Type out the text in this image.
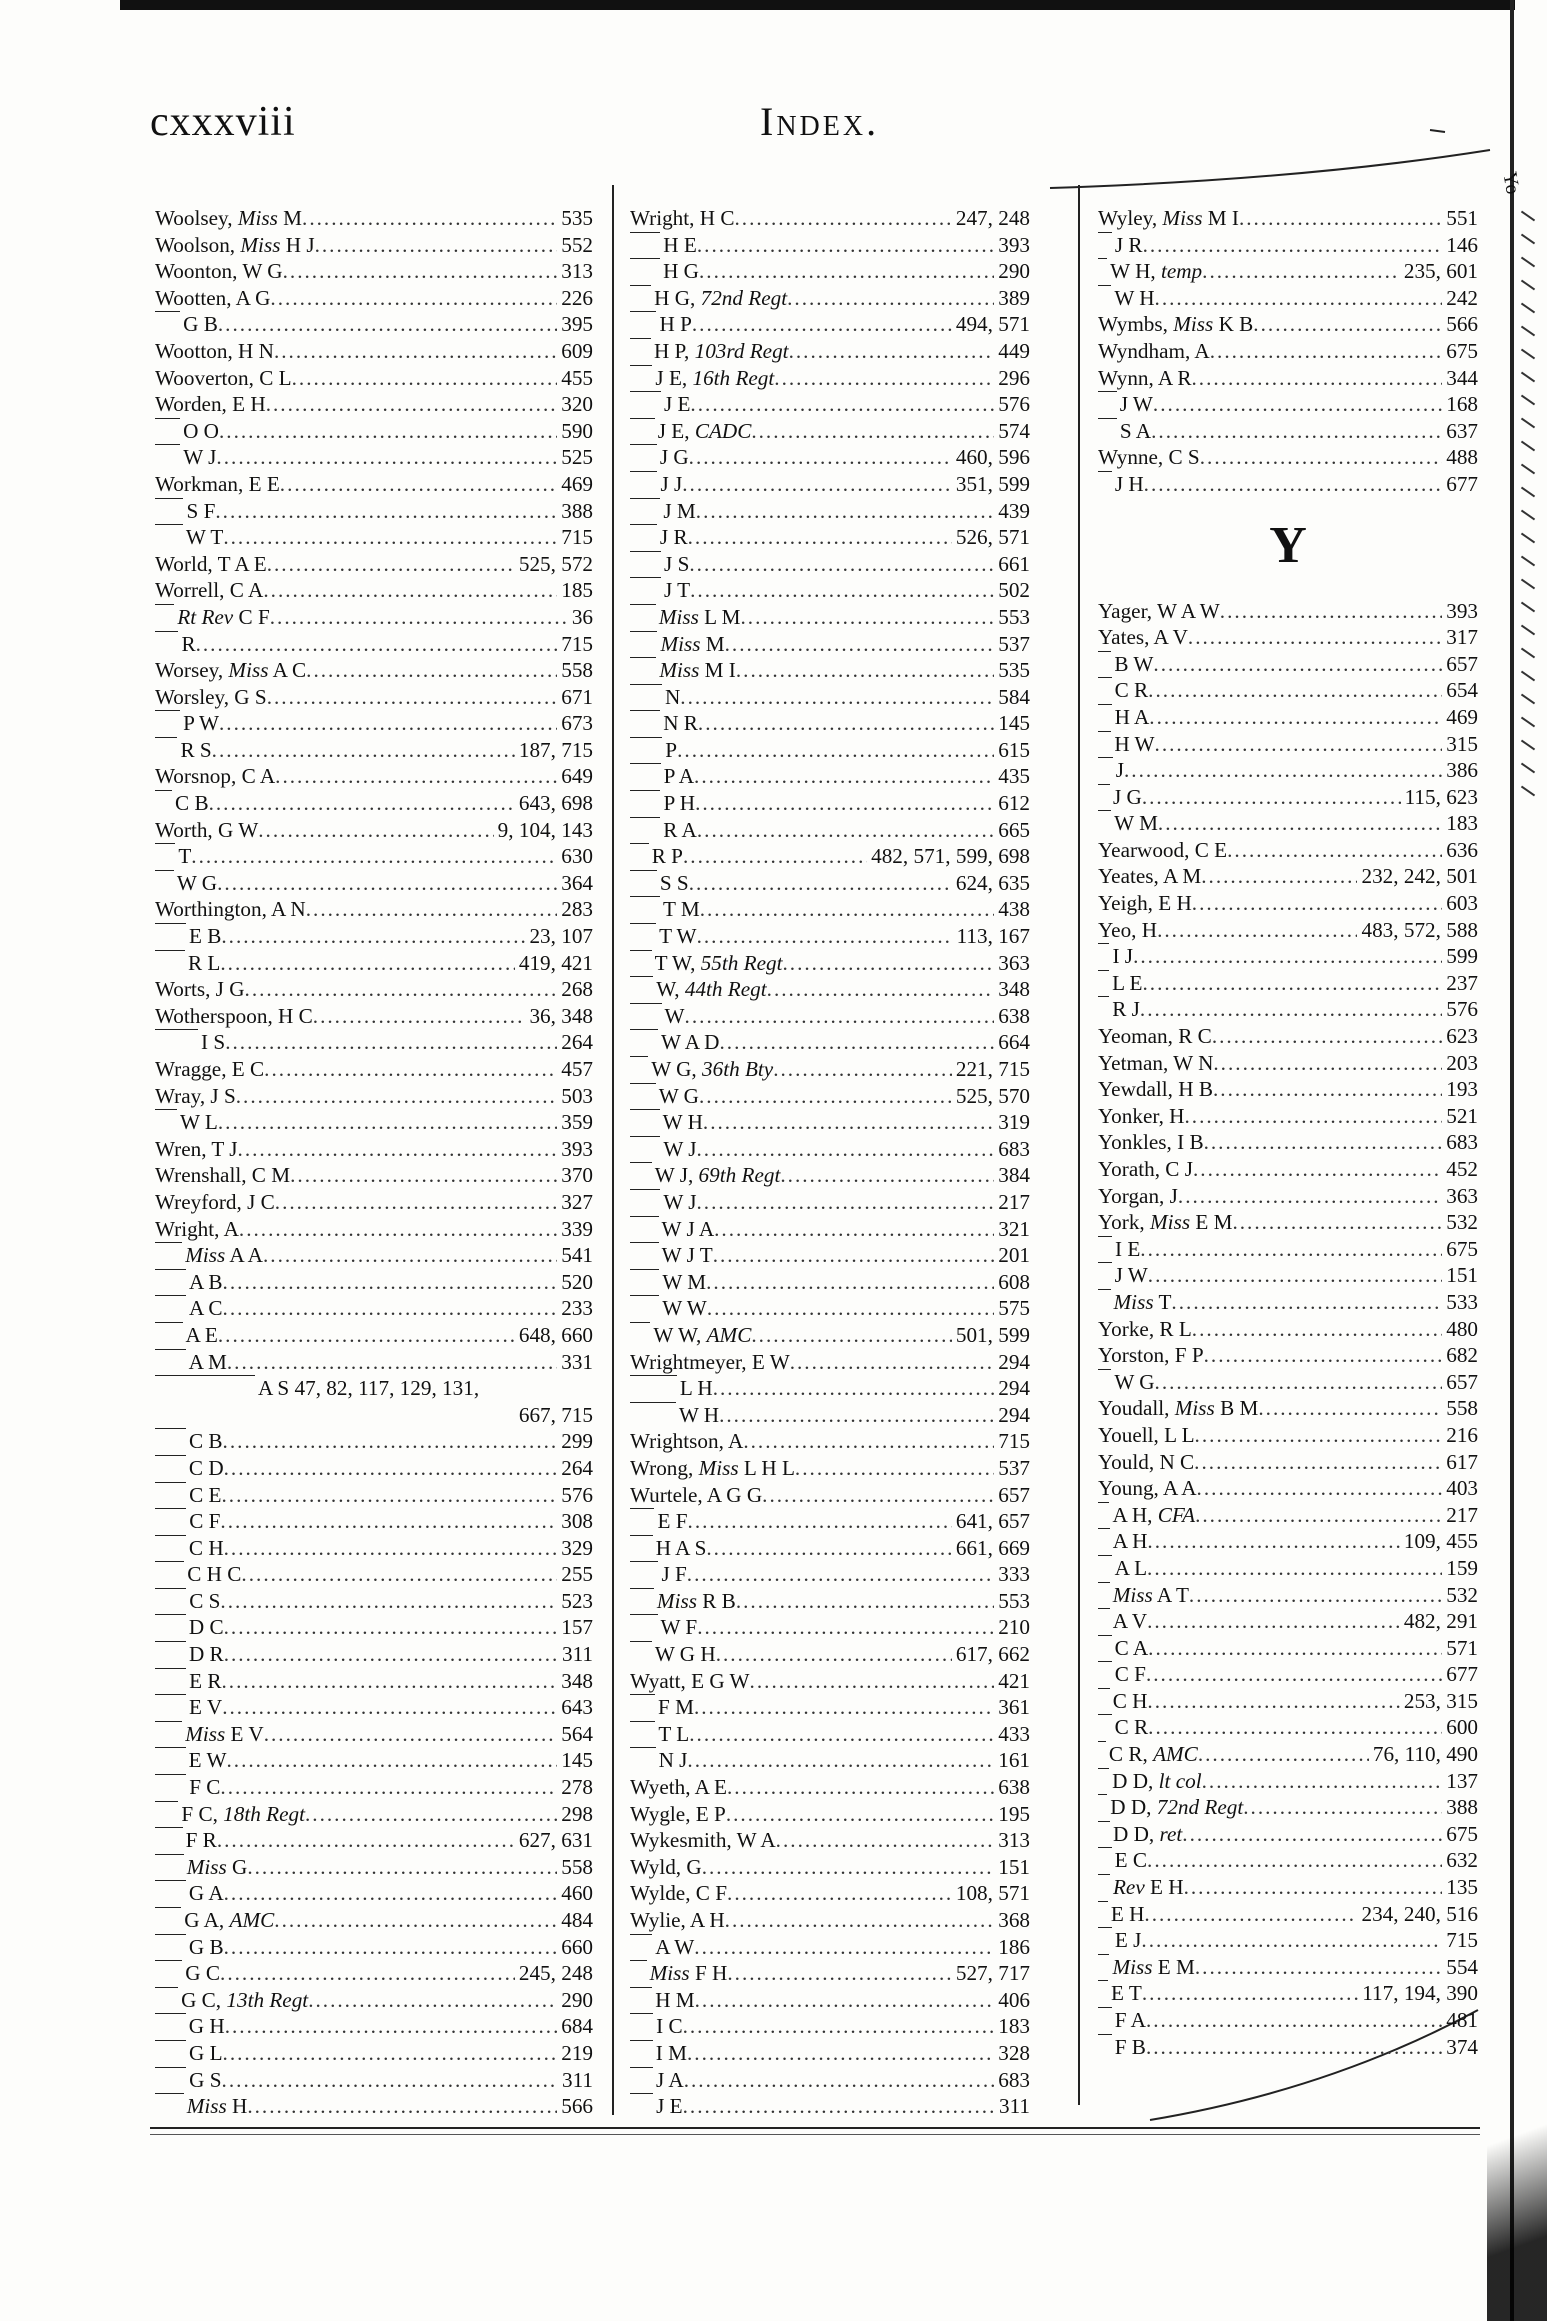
cxxxviii	Index.
Yo
Woolsey, Miss M .....	535
Woolson, Miss H J .....	552
Woonton, W G .....	313
Wootten, A G .....	226
G B .....	395
Wootton, H N .....	609
Wooverton, C L .....	455
Worden, E H .....	320
O O .....	590
W J .....	525
Workman, E E .....	469
S F .....	388
W T .....	715
World, T A E .....	525, 572
Worrell, C A .....	185
Rt Rev C F .....	36
R .....	715
Worsey, Miss A C .....	558
Worsley, G S .....	671
P W .....	673
R S .....	187, 715
Worsnop, C A .....	649
C B .....	643, 698
Worth, G W .....	9, 104, 143
T .....	630
W G .....	364
Worthington, A N .....	283
E B .....	23, 107
R L .....	419, 421
Worts, J G .....	268
Wotherspoon, H C .....	36, 348
I S .....	264
Wragge, E C .....	457
Wray, J S .....	503
W L .....	359
Wren, T J .....	393
Wrenshall, C M .....	370
Wreyford, J C .....	327
Wright, A .....	339
Miss A A .....	541
A B .....	520
A C .....	233
A E .....	648, 660
A M .....	331
A S 47, 82, 117, 129, 131,
667, 715
C B .....	299
C D .....	264
C E .....	576
C F .....	308
C H .....	329
C H C .....	255
C S .....	523
D C .....	157
D R .....	311
E R .....	348
E V .....	643
Miss E V .....	564
E W .....	145
F C .....	278
F C, 18th Regt .....	298
F R .....	627, 631
Miss G .....	558
G A .....	460
G A, AMC .....	484
G B .....	660
G C .....	245, 248
G C, 13th Regt .....	290
G H .....	684
G L .....	219
G S .....	311
Miss H .....	566
Wright, H C .....	247, 248
H E .....	393
H G .....	290
H G, 72nd Regt .....	389
H P .....	494, 571
H P, 103rd Regt .....	449
J E, 16th Regt .....	296
J E .....	576
J E, CADC .....	574
J G .....	460, 596
J J .....	351, 599
J M .....	439
J R .....	526, 571
J S .....	661
J T .....	502
Miss L M .....	553
Miss M .....	537
Miss M I .....	535
N .....	584
N R .....	145
P .....	615
P A .....	435
P H .....	612
R A .....	665
R P .....	482, 571, 599, 698
S S .....	624, 635
T M .....	438
T W .....	113, 167
T W, 55th Regt .....	363
W, 44th Regt .....	348
W .....	638
W A D .....	664
W G, 36th Bty .....	221, 715
W G .....	525, 570
W H .....	319
W J .....	683
W J, 69th Regt .....	384
W J .....	217
W J A .....	321
W J T .....	201
W M .....	608
W W .....	575
W W, AMC .....	501, 599
Wrightmeyer, E W .....	294
L H .....	294
W H .....	294
Wrightson, A .....	715
Wrong, Miss L H L .....	537
Wurtele, A G G .....	657
E F .....	641, 657
H A S .....	661, 669
J F .....	333
Miss R B .....	553
W F .....	210
W G H .....	617, 662
Wyatt, E G W .....	421
F M .....	361
T L .....	433
N J .....	161
Wyeth, A E .....	638
Wygle, E P .....	195
Wykesmith, W A .....	313
Wyld, G .....	151
Wylde, C F .....	108, 571
Wylie, A H .....	368
A W .....	186
Miss F H .....	527, 717
H M .....	406
I C .....	183
I M .....	328
J A .....	683
J E .....	311
Wyley, Miss M I .....	551
J R .....	146
W H, temp .....	235, 601
W H .....	242
Wymbs, Miss K B .....	566
Wyndham, A .....	675
Wynn, A R .....	344
J W .....	168
S A .....	637
Wynne, C S .....	488
J H .....	677
Y
Yager, W A W .....	393
Yates, A V .....	317
B W .....	657
C R .....	654
H A .....	469
H W .....	315
J .....	386
J G .....	115, 623
W M .....	183
Yearwood, C E .....	636
Yeates, A M .....	232, 242, 501
Yeigh, E H .....	603
Yeo, H .....	483, 572, 588
I J .....	599
L E .....	237
R J .....	576
Yeoman, R C .....	623
Yetman, W N .....	203
Yewdall, H B .....	193
Yonker, H .....	521
Yonkles, I B .....	683
Yorath, C J .....	452
Yorgan, J .....	363
York, Miss E M .....	532
I E .....	675
J W .....	151
Miss T .....	533
Yorke, R L .....	480
Yorston, F P .....	682
W G .....	657
Youdall, Miss B M .....	558
Youell, L L .....	216
Yould, N C .....	617
Young, A A .....	403
A H, CFA .....	217
A H .....	109, 455
A L .....	159
Miss A T .....	532
A V .....	482, 291
C A .....	571
C F .....	677
C H .....	253, 315
C R .....	600
C R, AMC .....	76, 110, 490
D D, lt col .....	137
D D, 72nd Regt .....	388
D D, ret .....	675
E C .....	632
Rev E H .....	135
E H .....	234, 240, 516
E J .....	715
Miss E M .....	554
E T .....	117, 194, 390
F A .....	481
F B .....	374
